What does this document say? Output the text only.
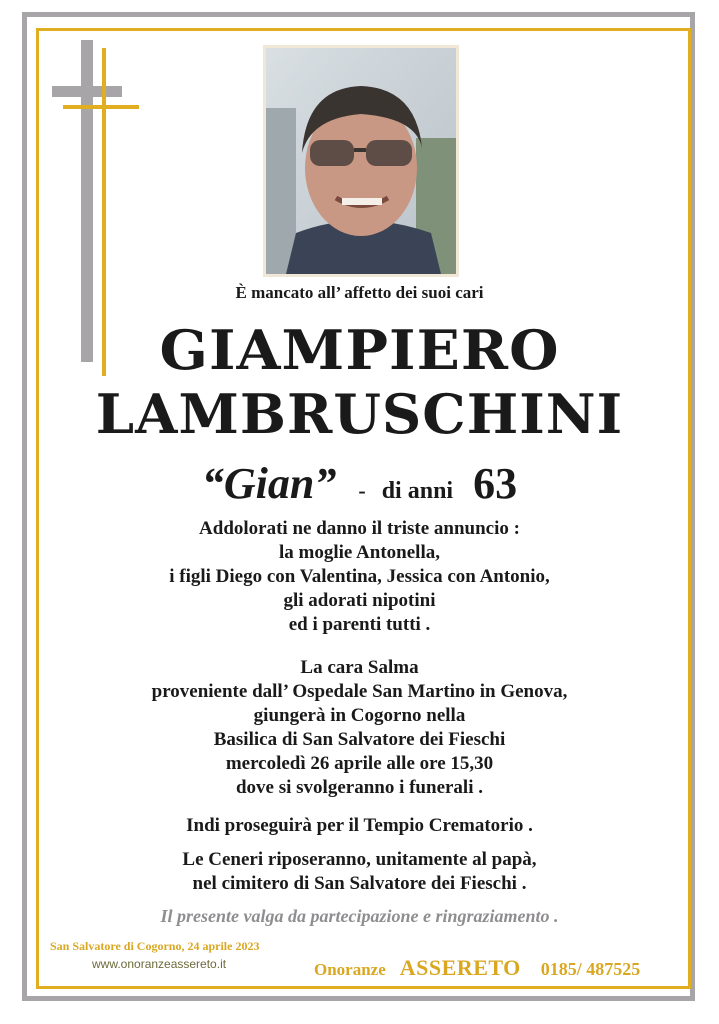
È mancato all’ affetto dei suoi cari
GIAMPIERO
LAMBRUSCHINI
“Gian” - di anni 63
Addolorati ne danno il triste annuncio :
la moglie Antonella,
i figli Diego con Valentina, Jessica con Antonio,
gli adorati nipotini
ed i parenti tutti .
La cara Salma
proveniente dall’ Ospedale San Martino in Genova,
giungerà in Cogorno nella
Basilica di San Salvatore dei Fieschi
mercoledì 26 aprile alle ore 15,30
dove si svolgeranno i funerali .
Indi proseguirà per il Tempio Crematorio .
Le Ceneri riposeranno, unitamente al papà,
nel cimitero di San Salvatore dei Fieschi .
Il presente valga da partecipazione e ringraziamento .
San Salvatore di Cogorno, 24 aprile 2023
www.onoranzeassereto.it	Onoranze ASSERETO 0185/ 487525
